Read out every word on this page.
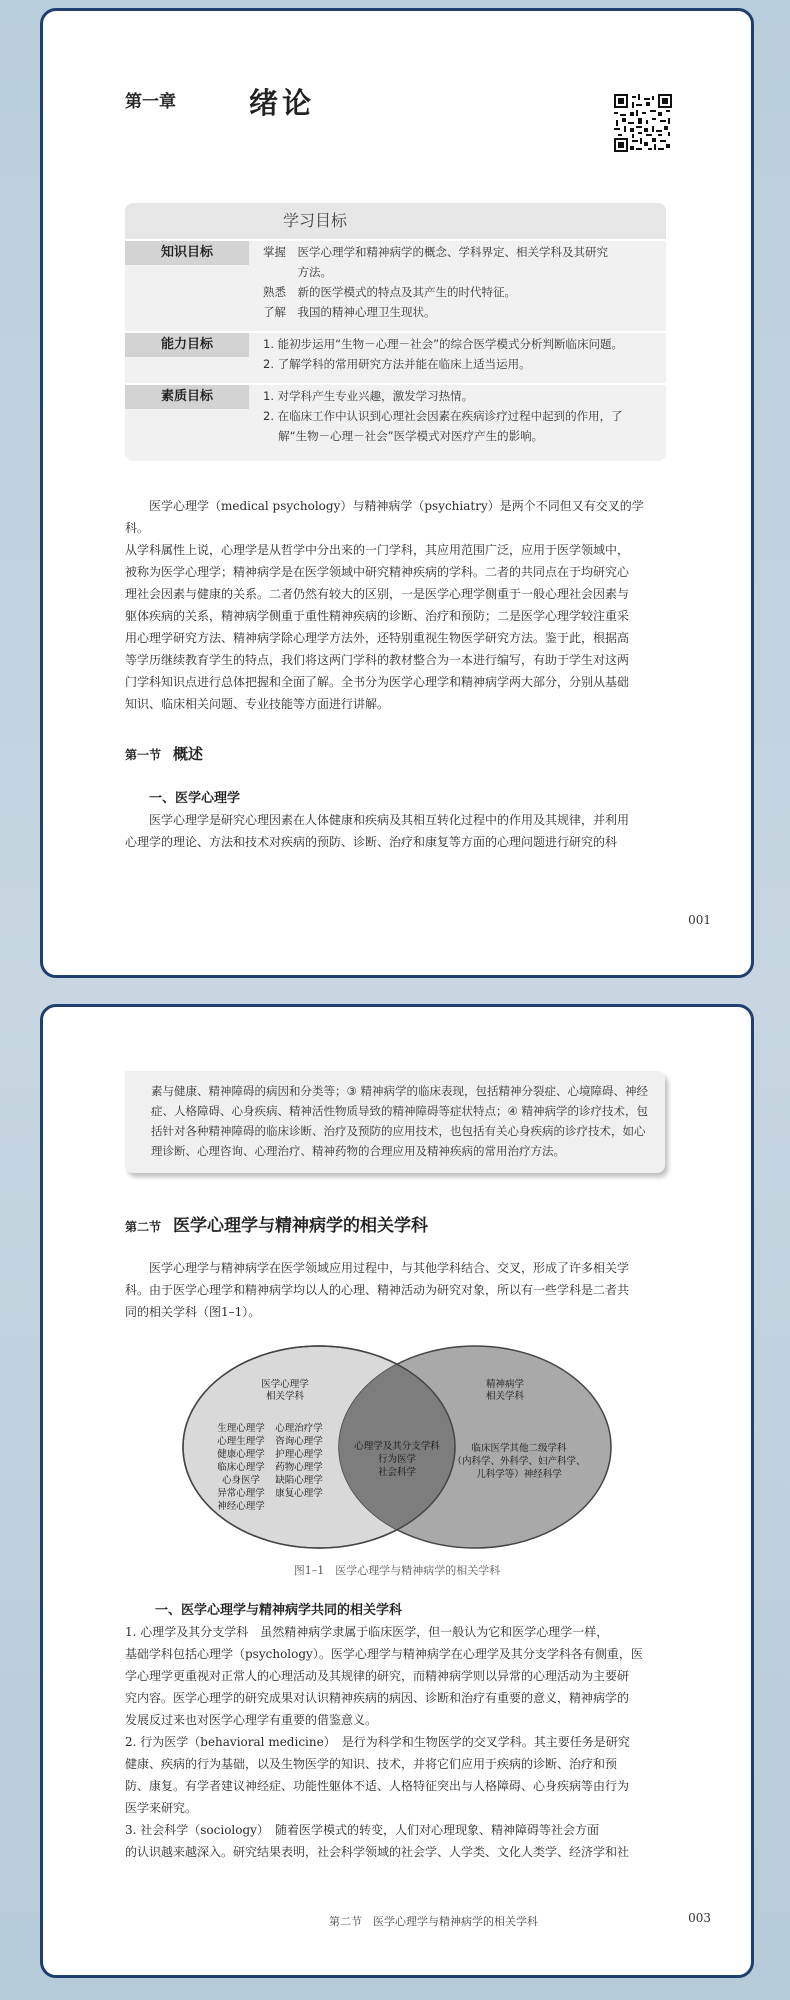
第一章	绪论
学习目标
知识目标	掌握　医学心理学和精神病学的概念、学科界定、相关学科及其研究
　　　方法。
熟悉　新的医学模式的特点及其产生的时代特征。
了解　我国的精神心理卫生现状。
能力目标	1. 能初步运用“生物－心理－社会”的综合医学模式分析判断临床问题。
2. 了解学科的常用研究方法并能在临床上适当运用。
素质目标	1. 对学科产生专业兴趣，激发学习热情。
2. 在临床工作中认识到心理社会因素在疾病诊疗过程中起到的作用，了
　 解“生物－心理－社会”医学模式对医疗产生的影响。
　　医学心理学（medical psychology）与精神病学（psychiatry）是两个不同但又有交叉的学科。
从学科属性上说，心理学是从哲学中分出来的一门学科，其应用范围广泛，应用于医学领域中，
被称为医学心理学；精神病学是在医学领域中研究精神疾病的学科。二者的共同点在于均研究心
理社会因素与健康的关系。二者仍然有较大的区别，一是医学心理学侧重于一般心理社会因素与
躯体疾病的关系，精神病学侧重于重性精神疾病的诊断、治疗和预防；二是医学心理学较注重采
用心理学研究方法、精神病学除心理学方法外，还特别重视生物医学研究方法。鉴于此，根据高
等学历继续教育学生的特点，我们将这两门学科的教材整合为一本进行编写，有助于学生对这两
门学科知识点进行总体把握和全面了解。全书分为医学心理学和精神病学两大部分，分别从基础
知识、临床相关问题、专业技能等方面进行讲解。
第一节 概述
一、医学心理学
　　医学心理学是研究心理因素在人体健康和疾病及其相互转化过程中的作用及其规律，并利用
心理学的理论、方法和技术对疾病的预防、诊断、治疗和康复等方面的心理问题进行研究的科
001
素与健康、精神障碍的病因和分类等；③ 精神病学的临床表现，包括精神分裂症、心境障碍、神经
症、人格障碍、心身疾病、精神活性物质导致的精神障碍等症状特点；④ 精神病学的诊疗技术，包
括针对各种精神障碍的临床诊断、治疗及预防的应用技术，也包括有关心身疾病的诊疗技术，如心
理诊断、心理咨询、心理治疗、精神药物的合理应用及精神疾病的常用治疗方法。
第二节 医学心理学与精神病学的相关学科
　　医学心理学与精神病学在医学领域应用过程中，与其他学科结合、交叉，形成了许多相关学
科。由于医学心理学和精神病学均以人的心理、精神活动为研究对象，所以有一些学科是二者共
同的相关学科（图1–1）。
医学心理学
相关学科
生理心理学
心理生理学
健康心理学
临床心理学
心身医学
异常心理学
神经心理学
心理治疗学
咨询心理学
护理心理学
药物心理学
缺陷心理学
康复心理学
心理学及其分支学科
行为医学
社会科学
精神病学
相关学科
临床医学其他二级学科
（内科学、外科学、妇产科学、
儿科学等）神经科学
图1–1　医学心理学与精神病学的相关学科
一、医学心理学与精神病学共同的相关学科
1. 心理学及其分支学科　虽然精神病学隶属于临床医学，但一般认为它和医学心理学一样，
基础学科包括心理学（psychology）。医学心理学与精神病学在心理学及其分支学科各有侧重，医
学心理学更重视对正常人的心理活动及其规律的研究，而精神病学则以异常的心理活动为主要研
究内容。医学心理学的研究成果对认识精神疾病的病因、诊断和治疗有重要的意义，精神病学的
发展反过来也对医学心理学有重要的借鉴意义。
2. 行为医学（behavioral medicine）　是行为科学和生物医学的交叉学科。其主要任务是研究
健康、疾病的行为基础，以及生物医学的知识、技术，并将它们应用于疾病的诊断、治疗和预
防、康复。有学者建议神经症、功能性躯体不适、人格特征突出与人格障碍、心身疾病等由行为
医学来研究。
3. 社会科学（sociology）　随着医学模式的转变，人们对心理现象、精神障碍等社会方面
的认识越来越深入。研究结果表明，社会科学领域的社会学、人学类、文化人类学、经济学和社
第二节　医学心理学与精神病学的相关学科	003
